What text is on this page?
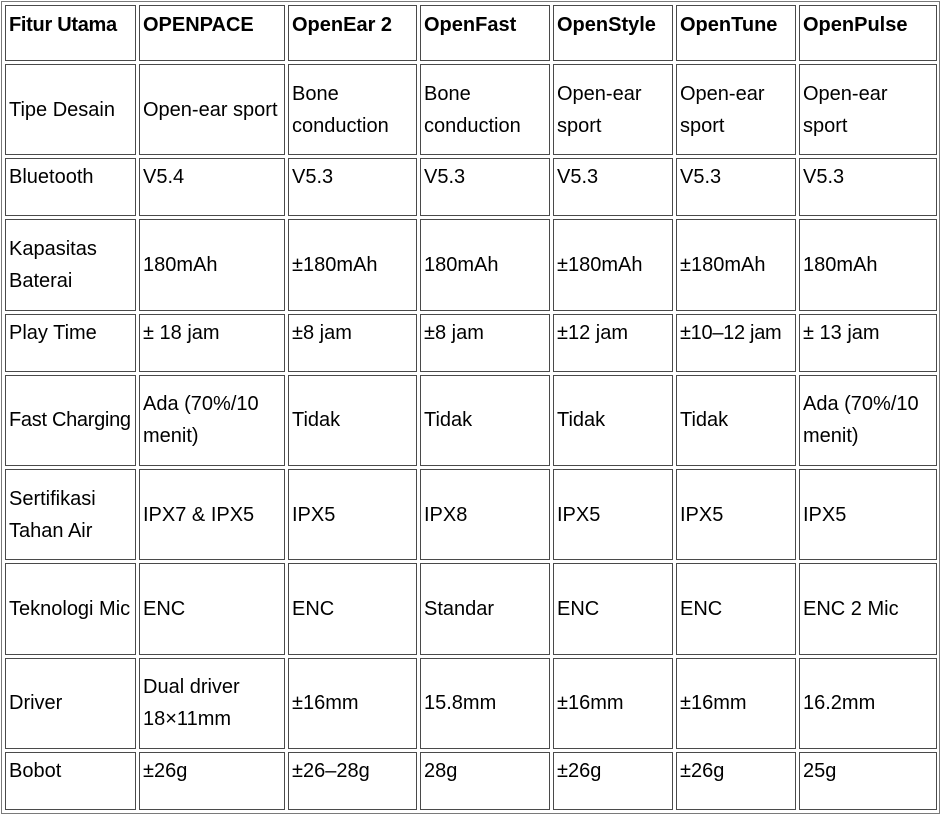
Fitur Utama	OPENPACE	OpenEar 2	OpenFast	OpenStyle	OpenTune	OpenPulse
Tipe Desain	Open-ear sport	Bone conduction	Bone conduction	Open-ear sport	Open-ear sport	Open-ear sport
Bluetooth	V5.4	V5.3	V5.3	V5.3	V5.3	V5.3
Kapasitas Baterai	180mAh	±180mAh	180mAh	±180mAh	±180mAh	180mAh
Play Time	± 18 jam	±8 jam	±8 jam	±12 jam	±10–12 jam	± 13 jam
Fast Charging	Ada (70%/10 menit)	Tidak	Tidak	Tidak	Tidak	Ada (70%/10 menit)
Sertifikasi Tahan Air	IPX7 & IPX5	IPX5	IPX8	IPX5	IPX5	IPX5
Teknologi Mic	ENC	ENC	Standar	ENC	ENC	ENC 2 Mic
Driver	Dual driver 18×11mm	±16mm	15.8mm	±16mm	±16mm	16.2mm
Bobot	±26g	±26–28g	28g	±26g	±26g	25g
